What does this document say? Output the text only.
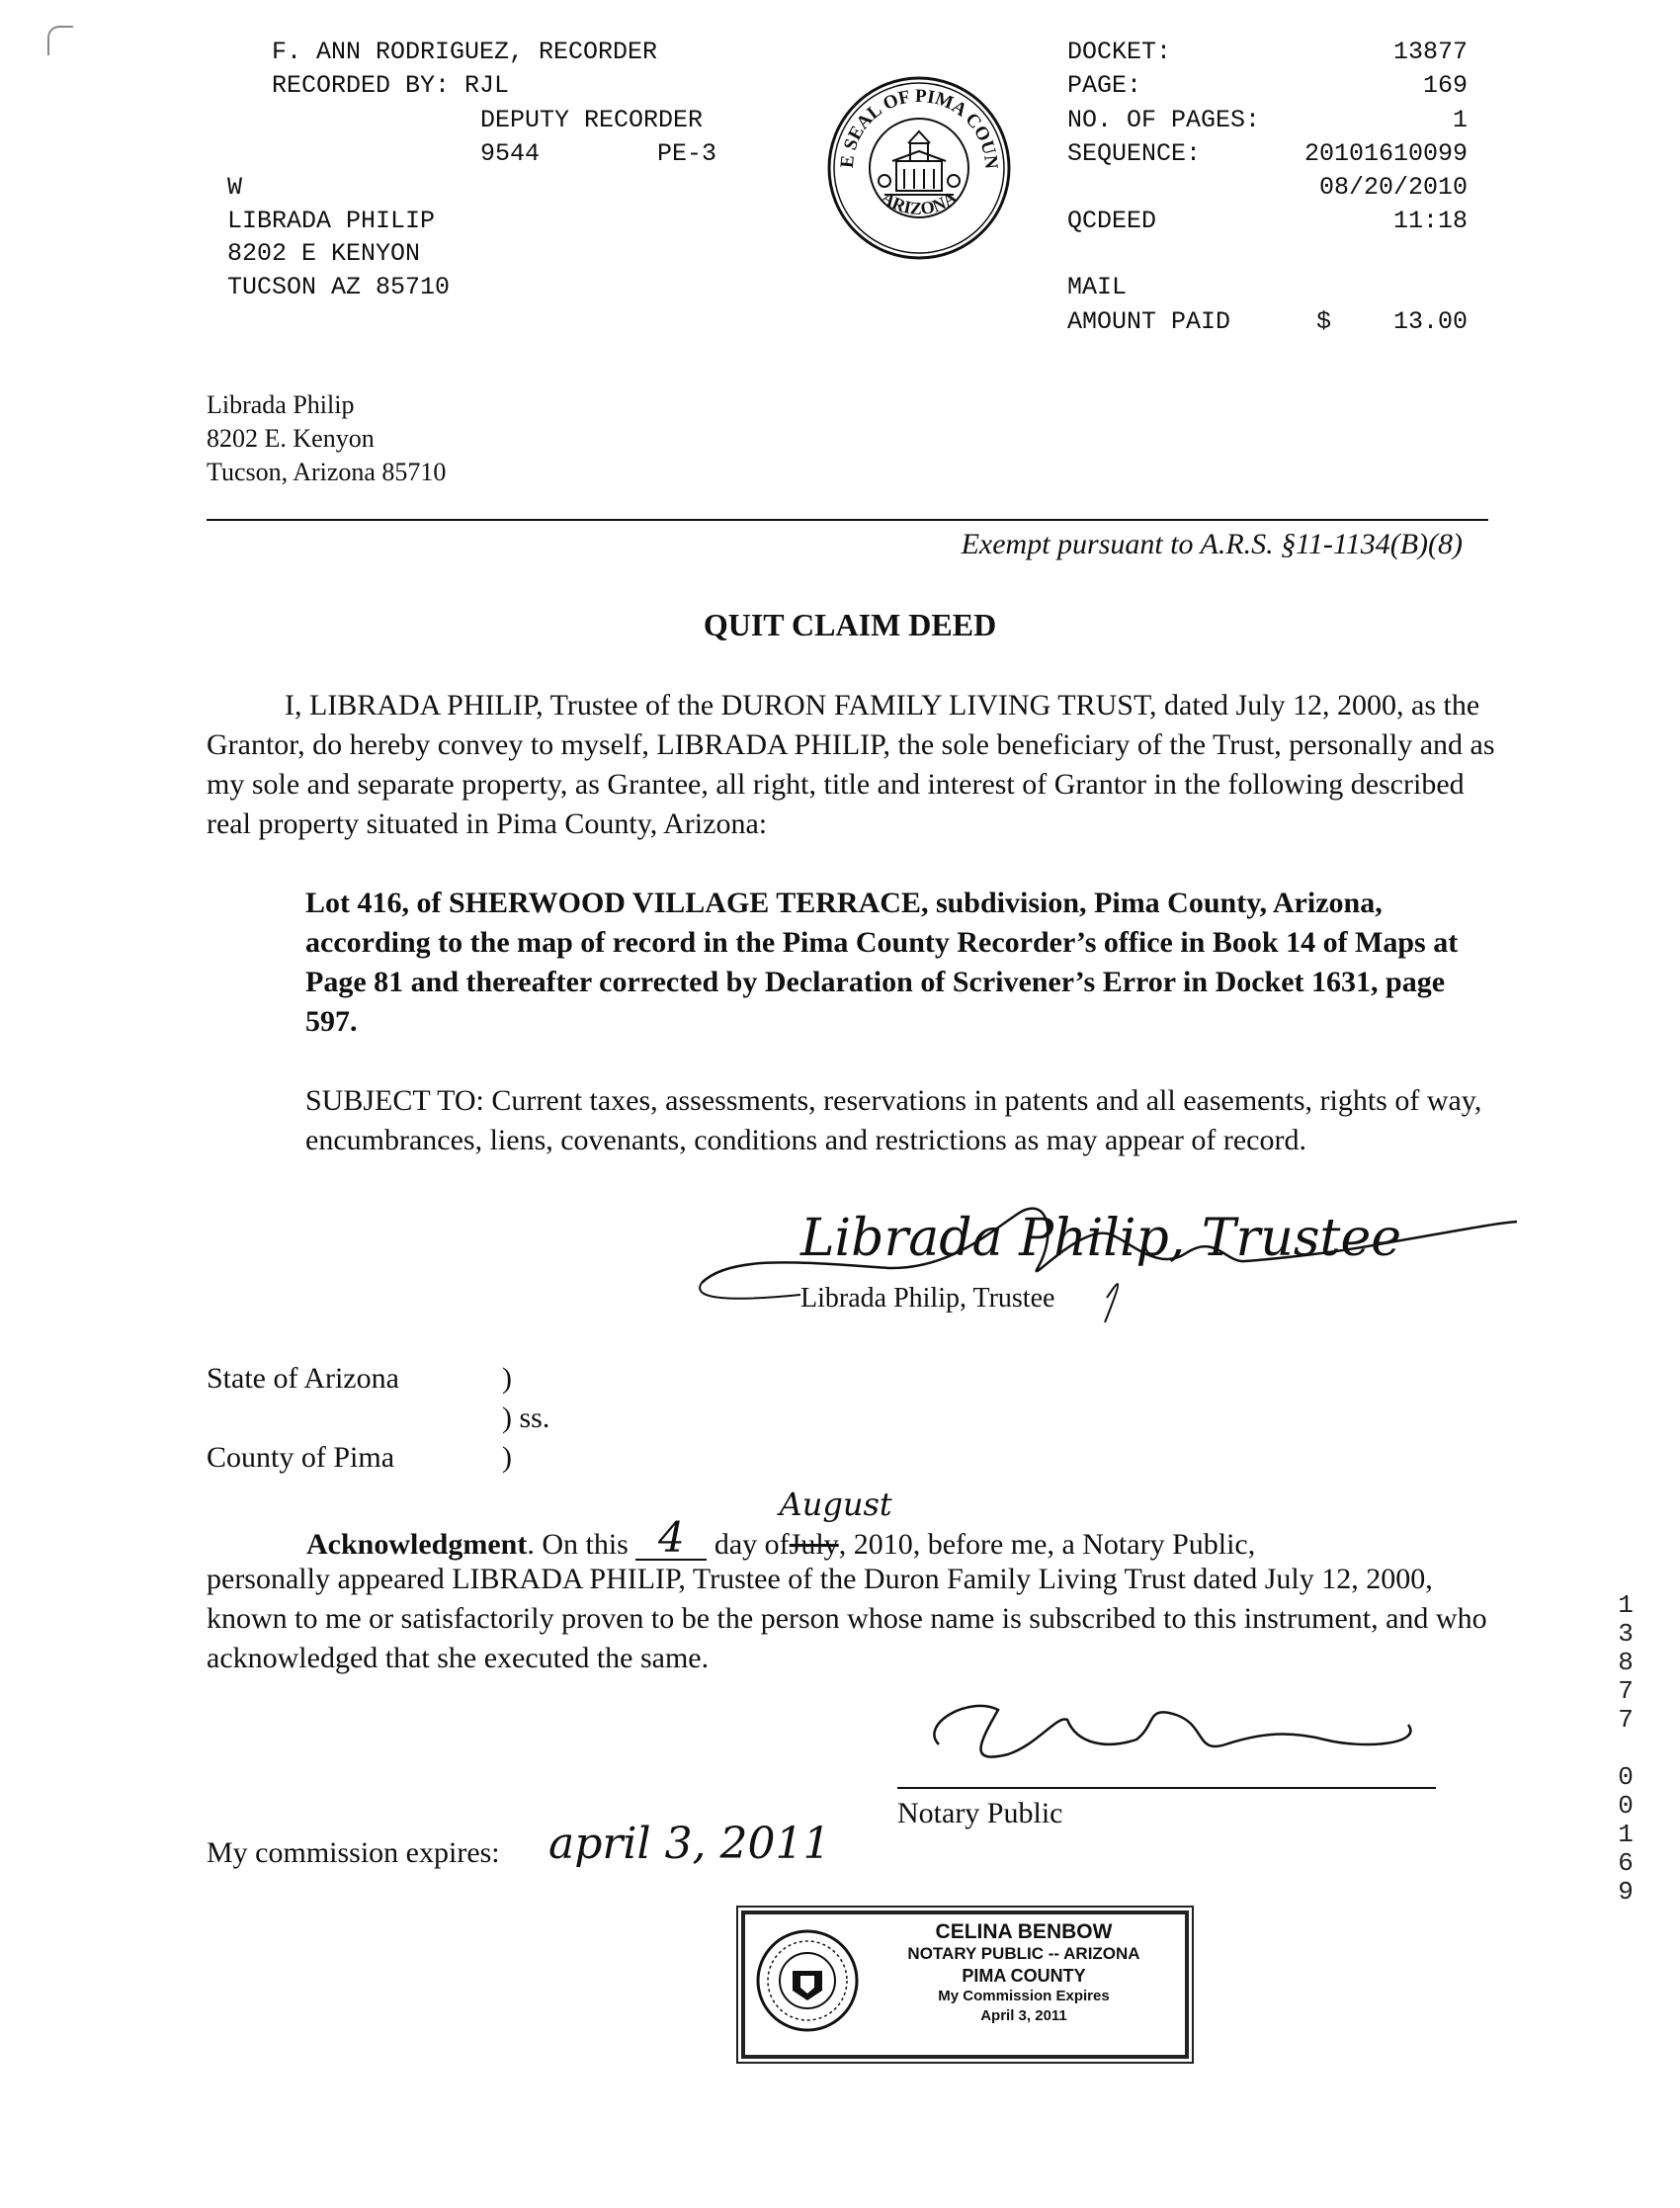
F. ANN RODRIGUEZ, RECORDER
RECORDED BY: RJL
DEPUTY RECORDER
9544	PE-3
W
LIBRADA PHILIP
8202 E KENYON
TUCSON AZ 85710
E SEAL OF PIMA COUN
ARIZONA
DOCKET:	13877
PAGE:	169
NO. OF PAGES:	1
SEQUENCE:	20101610099
08/20/2010
QCDEED	11:18
MAIL
AMOUNT PAID	$	13.00
Librada Philip
8202 E. Kenyon
Tucson, Arizona 85710
Exempt pursuant to A.R.S. §11-1134(B)(8)
QUIT CLAIM DEED
I, LIBRADA PHILIP, Trustee of the DURON FAMILY LIVING TRUST, dated July 12, 2000, as the Grantor, do hereby convey to myself, LIBRADA PHILIP, the sole beneficiary of the Trust, personally and as my sole and separate property, as Grantee, all right, title and interest of Grantor in the following described real property situated in Pima County, Arizona:
Lot 416, of SHERWOOD VILLAGE TERRACE, subdivision, Pima County, Arizona, according to the map of record in the Pima County Recorder’s office in Book 14 of Maps at Page 81 and thereafter corrected by Declaration of Scrivener’s Error in Docket 1631, page 597.
SUBJECT TO: Current taxes, assessments, reservations in patents and all easements, rights of way, encumbrances, liens, covenants, conditions and restrictions as may appear of record.
Librada Philip, Trustee
Librada Philip, Trustee
State of Arizona	)
) ss.
County of Pima	)
Acknowledgment. On this 4 day ofJuly
August
, 2010, before me, a Notary Public,
personally appeared LIBRADA PHILIP, Trustee of the Duron Family Living Trust dated July 12, 2000, known to me or satisfactorily proven to be the person whose name is subscribed to this instrument, and who acknowledged that she executed the same.
Celina Benbow
Notary Public
My commission expires: april 3, 2011
CELINA BENBOW
NOTARY PUBLIC -- ARIZONA
PIMA COUNTY
My Commission Expires
April 3, 2011
1
3
8
7
7

0
0
1
6
9
